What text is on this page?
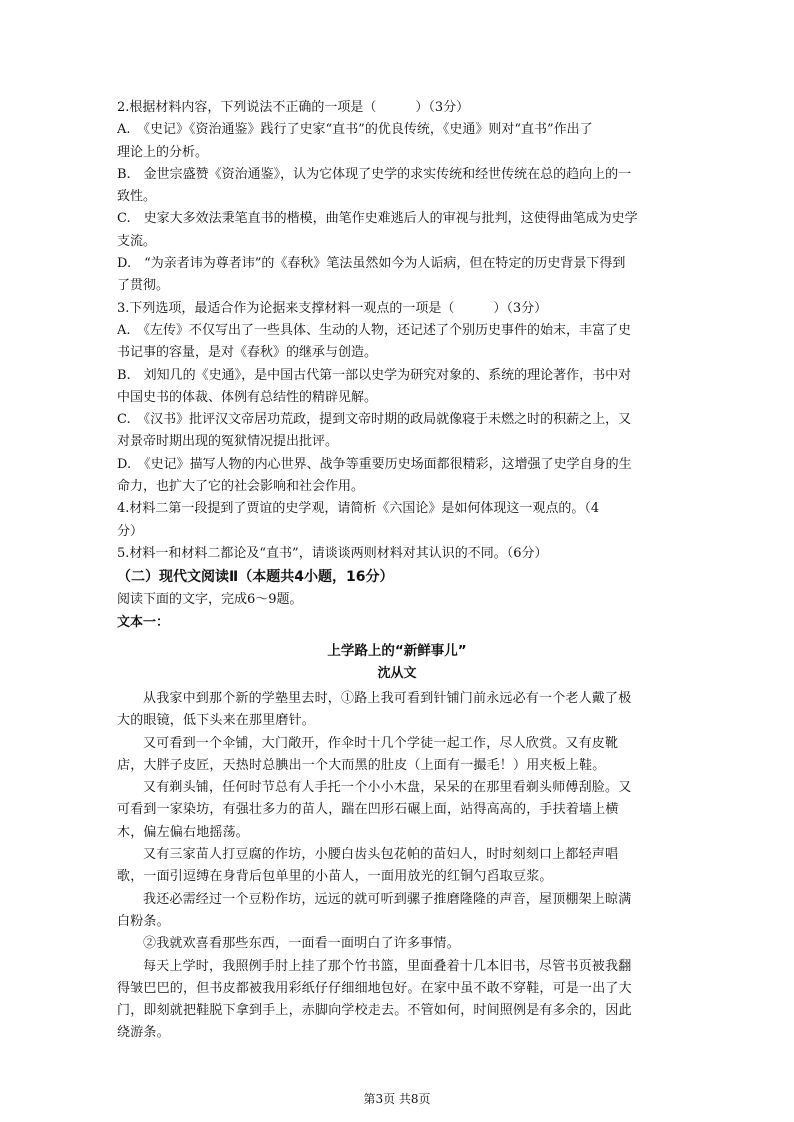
2.根据材料内容，下列说法不正确的一项是（　　　）（3分）
A.　《史记》《资治通鉴》践行了史家“直书”的优良传统，《史通》则对“直书”作出了
理论上的分析。
B.　金世宗盛赞《资治通鉴》，认为它体现了史学的求实传统和经世传统在总的趋向上的一
致性。
C.　史家大多效法秉笔直书的楷模，曲笔作史难逃后人的审视与批判，这使得曲笔成为史学
支流。
D.　“为亲者讳为尊者讳”的《春秋》笔法虽然如今为人诟病，但在特定的历史背景下得到
了贯彻。
3.下列选项，最适合作为论据来支撑材料一观点的一项是（　　　）（3分）
A.　《左传》不仅写出了一些具体、生动的人物，还记述了个别历史事件的始末，丰富了史
书记事的容量，是对《春秋》的继承与创造。
B.　刘知几的《史通》，是中国古代第一部以史学为研究对象的、系统的理论著作，书中对
中国史书的体裁、体例有总结性的精辟见解。
C.　《汉书》批评汉文帝居功荒政，提到文帝时期的政局就像寝于未燃之时的积薪之上，又
对景帝时期出现的冤狱情况提出批评。
D.　《史记》描写人物的内心世界、战争等重要历史场面都很精彩，这增强了史学自身的生
命力，也扩大了它的社会影响和社会作用。
4.材料二第一段提到了贾谊的史学观，请简析《六国论》是如何体现这一观点的。（4
分）
5.材料一和材料二都论及“直书”，请谈谈两则材料对其认识的不同。（6分）
（二）现代文阅读Ⅱ（本题共4小题，16分）
阅读下面的文字，完成6～9题。
文本一：
上学路上的“新鲜事儿”
沈从文
从我家中到那个新的学塾里去时，①路上我可看到针铺门前永远必有一个老人戴了极
大的眼镜，低下头来在那里磨针。
又可看到一个伞铺，大门敞开，作伞时十几个学徒一起工作，尽人欣赏。又有皮靴
店，大胖子皮匠，天热时总腆出一个大而黑的肚皮（上面有一撮毛！）用夹板上鞋。
又有剃头铺，任何时节总有人手托一个小小木盘，呆呆的在那里看剃头师傅刮脸。又
可看到一家染坊，有强壮多力的苗人，踹在凹形石碾上面，站得高高的，手扶着墙上横
木，偏左偏右地摇荡。
又有三家苗人打豆腐的作坊，小腰白齿头包花帕的苗妇人，时时刻刻口上都轻声唱
歌，一面引逗缚在身背后包单里的小苗人，一面用放光的红铜勺舀取豆浆。
我还必需经过一个豆粉作坊，远远的就可听到骡子推磨隆隆的声音，屋顶棚架上晾满
白粉条。
②我就欢喜看那些东西，一面看一面明白了许多事情。
每天上学时，我照例手肘上挂了那个竹书篮，里面叠着十几本旧书，尽管书页被我翻
得皱巴巴的，但书皮都被我用彩纸仔仔细细地包好。在家中虽不敢不穿鞋，可是一出了大
门，即刻就把鞋脱下拿到手上，赤脚向学校走去。不管如何，时间照例是有多余的，因此
绕游条。
第3页 共8页
